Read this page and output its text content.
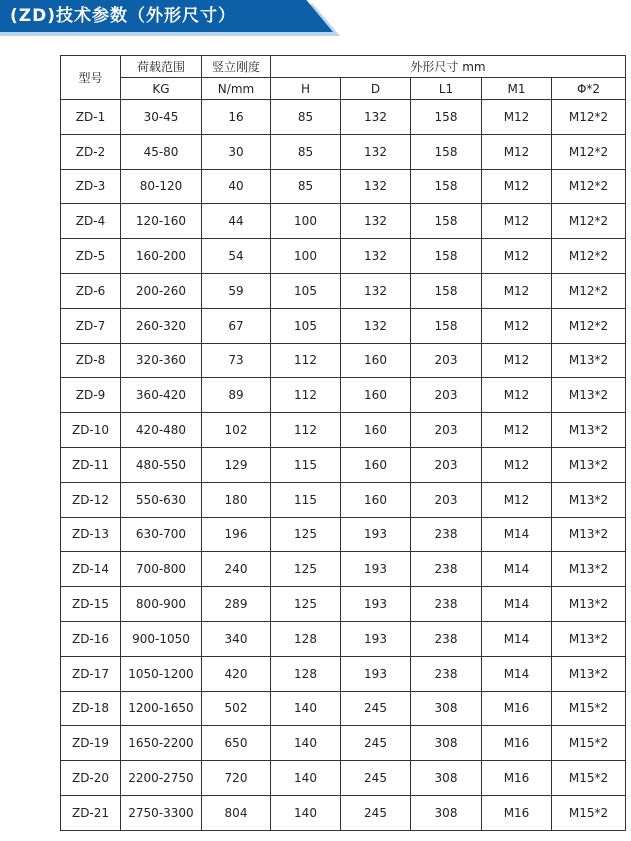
(ZD)技术参数（外形尺寸）
型号	荷载范围	竖立刚度	外形尺寸 mm				
	KG	N/mm	H	D	L1	M1	Φ*2
ZD-1	30-45	16	85	132	158	M12	M12*2
ZD-2	45-80	30	85	132	158	M12	M12*2
ZD-3	80-120	40	85	132	158	M12	M12*2
ZD-4	120-160	44	100	132	158	M12	M12*2
ZD-5	160-200	54	100	132	158	M12	M12*2
ZD-6	200-260	59	105	132	158	M12	M12*2
ZD-7	260-320	67	105	132	158	M12	M12*2
ZD-8	320-360	73	112	160	203	M12	M13*2
ZD-9	360-420	89	112	160	203	M12	M13*2
ZD-10	420-480	102	112	160	203	M12	M13*2
ZD-11	480-550	129	115	160	203	M12	M13*2
ZD-12	550-630	180	115	160	203	M12	M13*2
ZD-13	630-700	196	125	193	238	M14	M13*2
ZD-14	700-800	240	125	193	238	M14	M13*2
ZD-15	800-900	289	125	193	238	M14	M13*2
ZD-16	900-1050	340	128	193	238	M14	M13*2
ZD-17	1050-1200	420	128	193	238	M14	M13*2
ZD-18	1200-1650	502	140	245	308	M16	M15*2
ZD-19	1650-2200	650	140	245	308	M16	M15*2
ZD-20	2200-2750	720	140	245	308	M16	M15*2
ZD-21	2750-3300	804	140	245	308	M16	M15*2
